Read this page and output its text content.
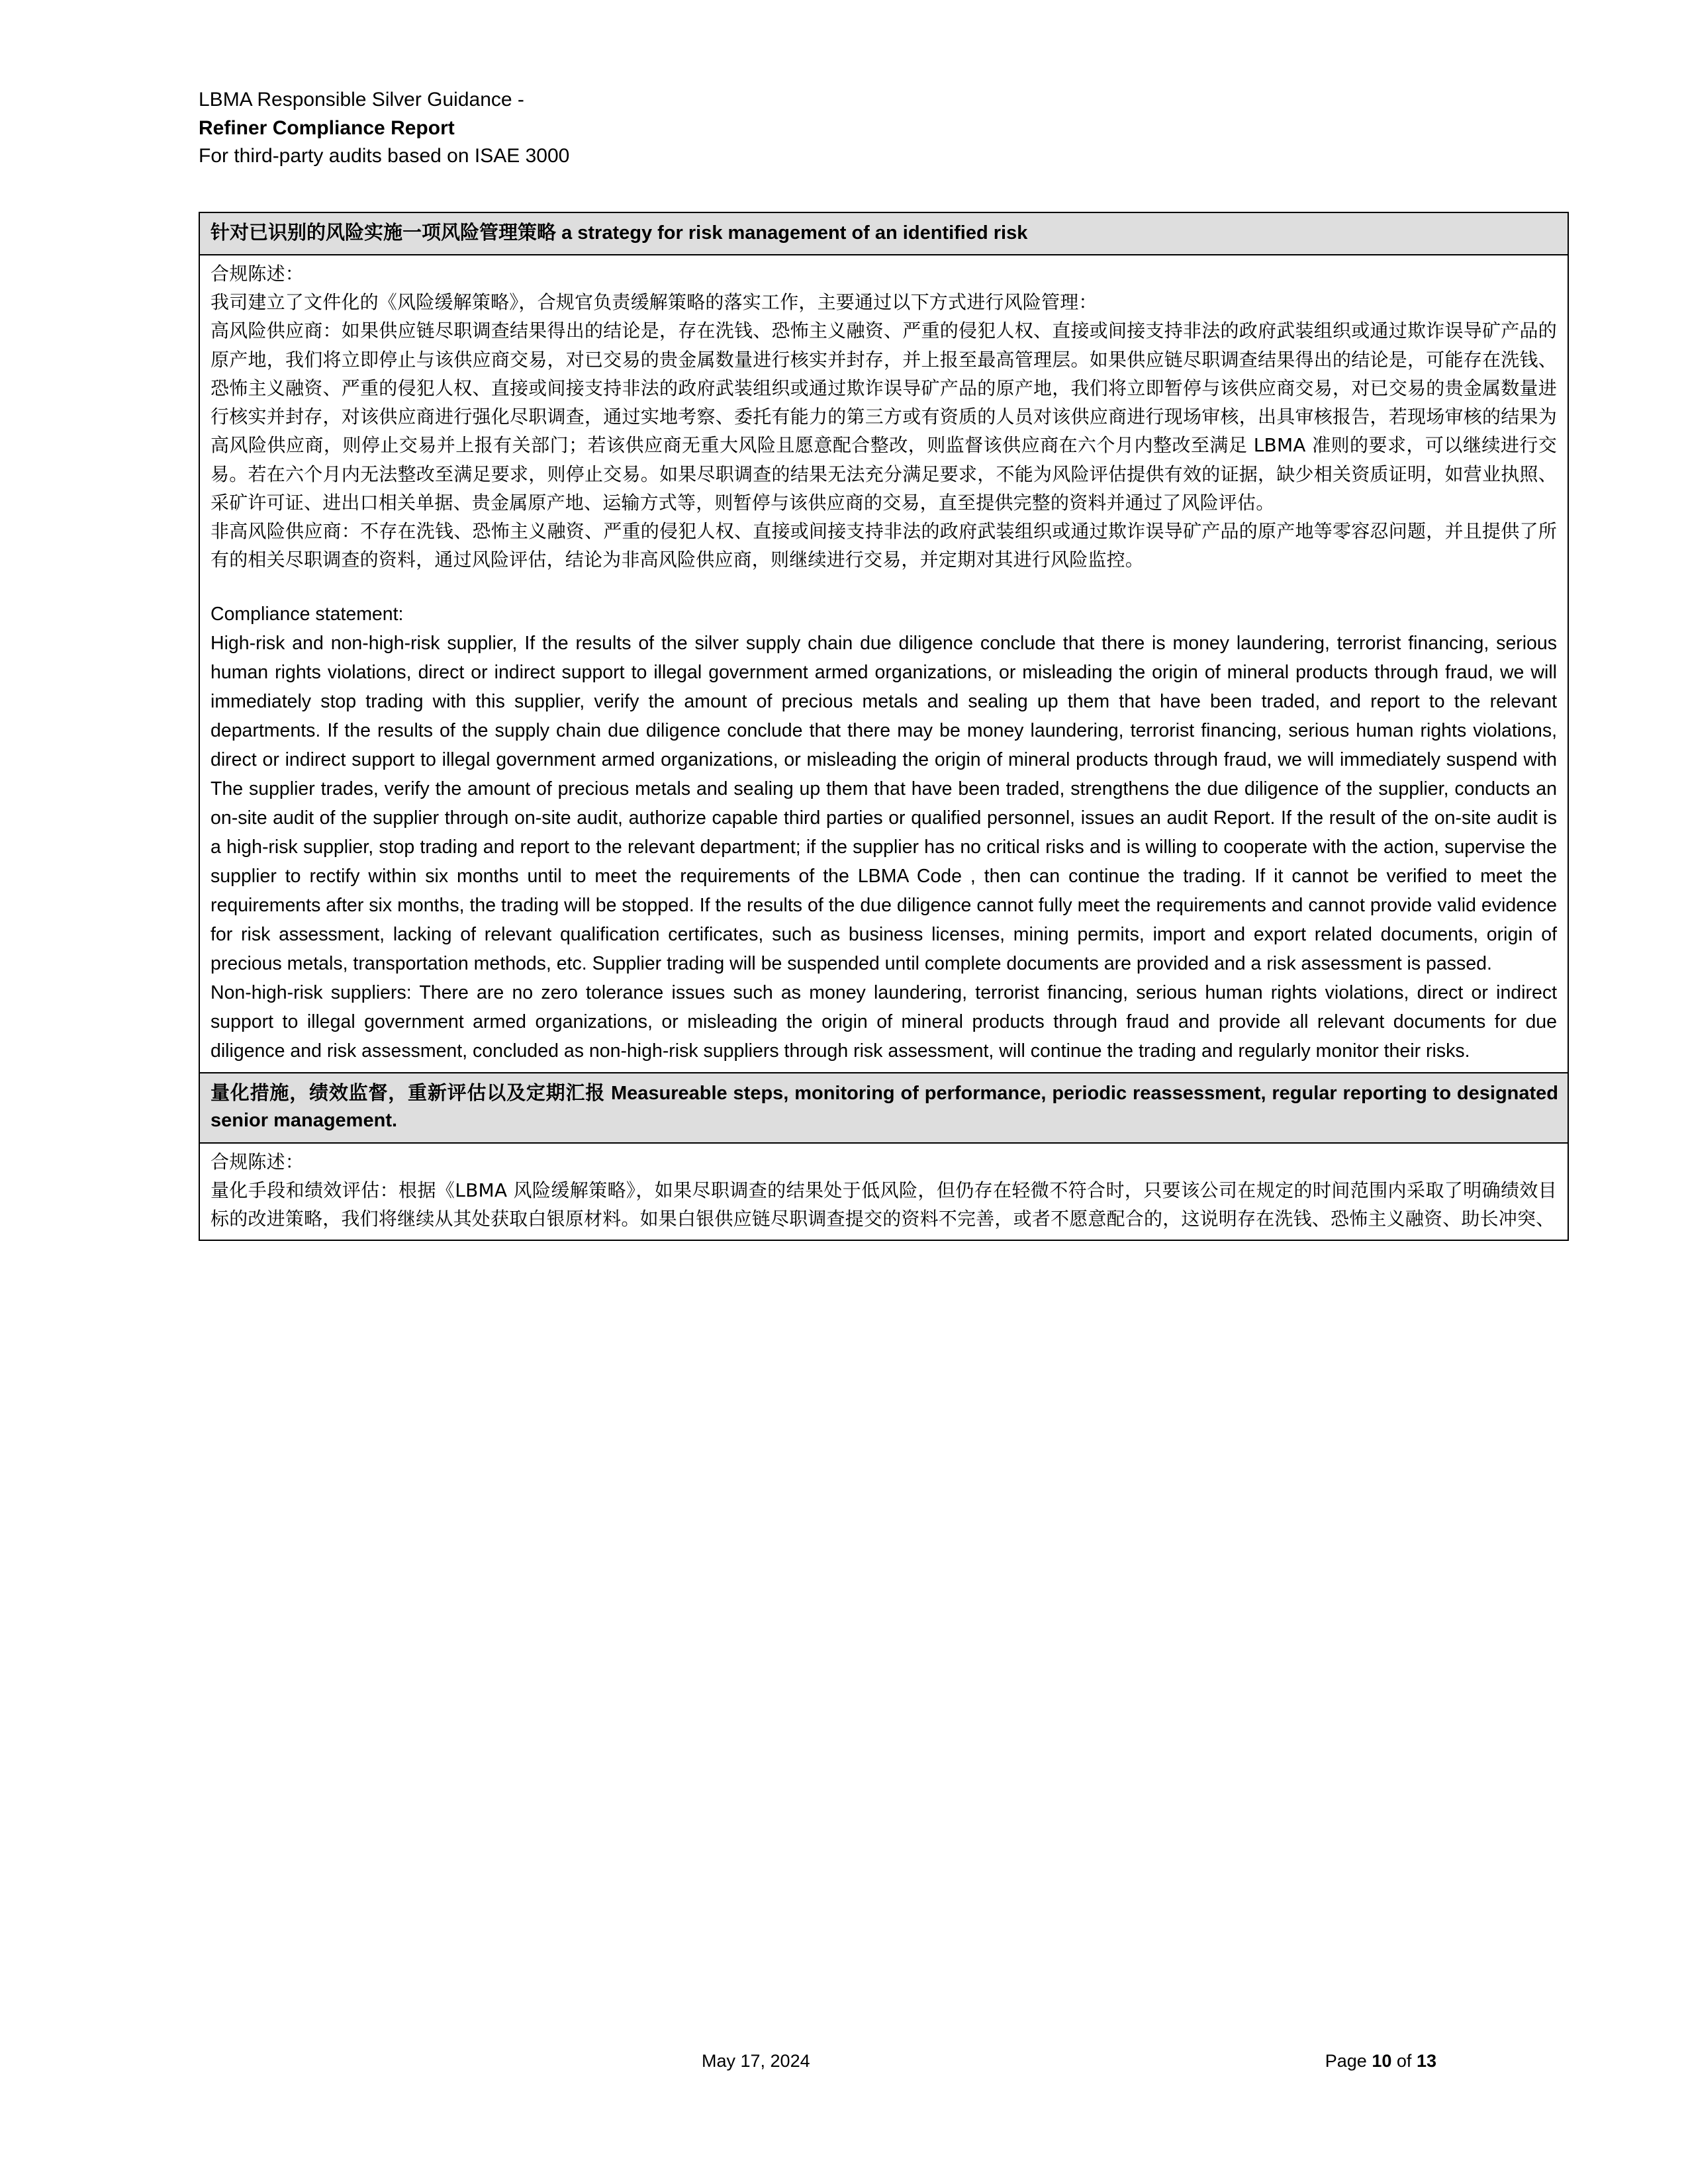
LBMA Responsible Silver Guidance -
Refiner Compliance Report
For third-party audits based on ISAE 3000
针对已识别的风险实施一项风险管理策略 a strategy for risk management of an identified risk

合规陈述：

我司建立了文件化的《风险缓解策略》，合规官负责缓解策略的落实工作，主要通过以下方式进行风险管理：

高风险供应商：如果供应链尽职调查结果得出的结论是，存在洗钱、恐怖主义融资、严重的侵犯人权、直接或间接支持非法的政府武装组织或通过欺诈误导矿产品的原产地，我们将立即停止与该供应商交易，对已交易的贵金属数量进行核实并封存，并上报至最高管理层。如果供应链尽职调查结果得出的结论是，可能存在洗钱、恐怖主义融资、严重的侵犯人权、直接或间接支持非法的政府武装组织或通过欺诈误导矿产品的原产地，我们将立即暂停与该供应商交易，对已交易的贵金属数量进行核实并封存，对该供应商进行强化尽职调查，通过实地考察、委托有能力的第三方或有资质的人员对该供应商进行现场审核，出具审核报告，若现场审核的结果为高风险供应商，则停止交易并上报有关部门；若该供应商无重大风险且愿意配合整改，则监督该供应商在六个月内整改至满足 LBMA 准则的要求，可以继续进行交易。若在六个月内无法整改至满足要求，则停止交易。如果尽职调查的结果无法充分满足要求，不能为风险评估提供有效的证据，缺少相关资质证明，如营业执照、采矿许可证、进出口相关单据、贵金属原产地、运输方式等，则暂停与该供应商的交易，直至提供完整的资料并通过了风险评估。

非高风险供应商：不存在洗钱、恐怖主义融资、严重的侵犯人权、直接或间接支持非法的政府武装组织或通过欺诈误导矿产品的原产地等零容忍问题，并且提供了所有的相关尽职调查的资料，通过风险评估，结论为非高风险供应商，则继续进行交易，并定期对其进行风险监控。

Compliance statement:

High-risk and non-high-risk supplier, If the results of the silver supply chain due diligence conclude that there is money laundering, terrorist financing, serious human rights violations, direct or indirect support to illegal government armed organizations, or misleading the origin of mineral products through fraud, we will immediately stop trading with this supplier, verify the amount of precious metals and sealing up them that have been traded, and report to the relevant departments. If the results of the supply chain due diligence conclude that there may be money laundering, terrorist financing, serious human rights violations, direct or indirect support to illegal government armed organizations, or misleading the origin of mineral products through fraud, we will immediately suspend with The supplier trades, verify the amount of precious metals and sealing up them that have been traded, strengthens the due diligence of the supplier, conducts an on-site audit of the supplier through on-site audit, authorize capable third parties or qualified personnel, issues an audit Report. If the result of the on-site audit is a high-risk supplier, stop trading and report to the relevant department; if the supplier has no critical risks and is willing to cooperate with the action, supervise the supplier to rectify within six months until to meet the requirements of the LBMA Code , then can continue the trading. If it cannot be verified to meet the requirements after six months, the trading will be stopped. If the results of the due diligence cannot fully meet the requirements and cannot provide valid evidence for risk assessment, lacking of relevant qualification certificates, such as business licenses, mining permits, import and export related documents, origin of precious metals, transportation methods, etc. Supplier trading will be suspended until complete documents are provided and a risk assessment is passed.

Non-high-risk suppliers: There are no zero tolerance issues such as money laundering, terrorist financing, serious human rights violations, direct or indirect support to illegal government armed organizations, or misleading the origin of mineral products through fraud and provide all relevant documents for due diligence and risk assessment, concluded as non-high-risk suppliers through risk assessment, will continue the trading and regularly monitor their risks.

量化措施，绩效监督，重新评估以及定期汇报 Measureable steps, monitoring of performance, periodic reassessment, regular reporting to designated senior management.

合规陈述：

量化手段和绩效评估：根据《LBMA 风险缓解策略》，如果尽职调查的结果处于低风险，但仍存在轻微不符合时，只要该公司在规定的时间范围内采取了明确绩效目标的改进策略，我们将继续从其处获取白银原材料。如果白银供应链尽职调查提交的资料不完善，或者不愿意配合的，这说明存在洗钱、恐怖主义融资、助长冲突、

May 17, 2024	Page 10 of 13
